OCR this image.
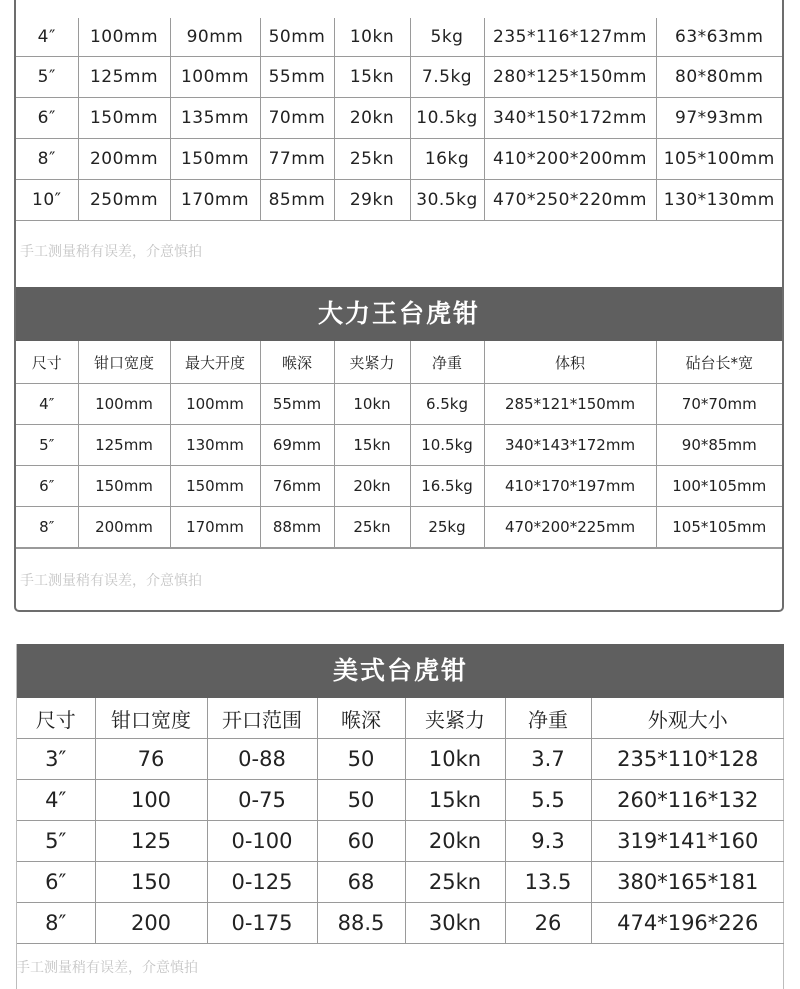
4″	100mm	90mm	50mm	10kn	5kg	235*116*127mm	63*63mm
5″	125mm	100mm	55mm	15kn	7.5kg	280*125*150mm	80*80mm
6″	150mm	135mm	70mm	20kn	10.5kg	340*150*172mm	97*93mm
8″	200mm	150mm	77mm	25kn	16kg	410*200*200mm	105*100mm
10″	250mm	170mm	85mm	29kn	30.5kg	470*250*220mm	130*130mm
手工测量稍有误差，介意慎拍
大力王台虎钳
尺寸	钳口宽度	最大开度	喉深	夹紧力	净重	体积	砧台长*宽
4″	100mm	100mm	55mm	10kn	6.5kg	285*121*150mm	70*70mm
5″	125mm	130mm	69mm	15kn	10.5kg	340*143*172mm	90*85mm
6″	150mm	150mm	76mm	20kn	16.5kg	410*170*197mm	100*105mm
8″	200mm	170mm	88mm	25kn	25kg	470*200*225mm	105*105mm
手工测量稍有误差，介意慎拍
美式台虎钳
尺寸	钳口宽度	开口范围	喉深	夹紧力	净重	外观大小
3″	76	0-88	50	10kn	3.7	235*110*128
4″	100	0-75	50	15kn	5.5	260*116*132
5″	125	0-100	60	20kn	9.3	319*141*160
6″	150	0-125	68	25kn	13.5	380*165*181
8″	200	0-175	88.5	30kn	26	474*196*226
手工测量稍有误差，介意慎拍
